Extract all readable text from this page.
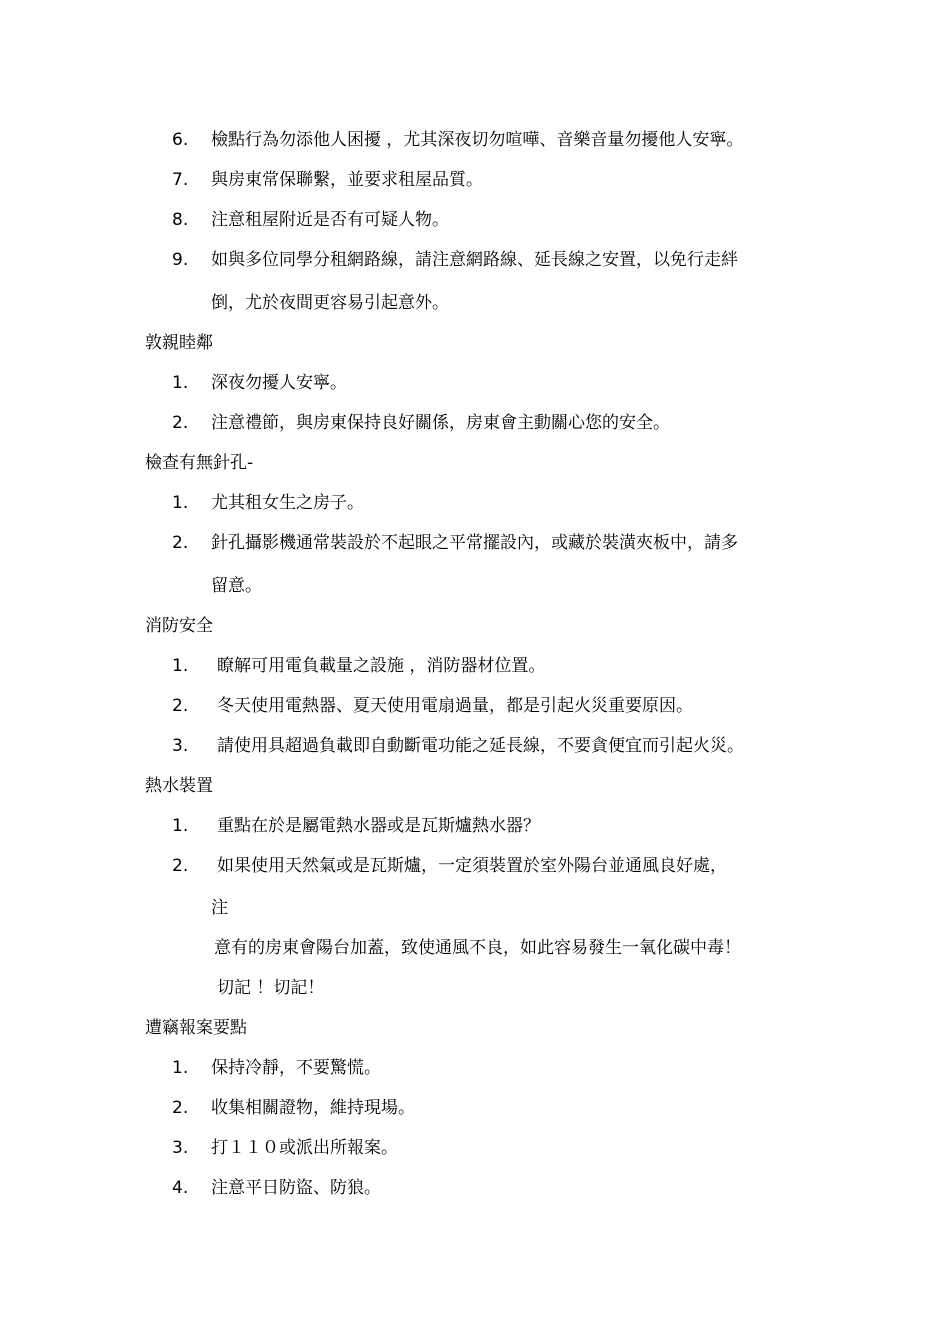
6.	檢點行為勿添他人困擾 ，尤其深夜切勿喧嘩、音樂音量勿擾他人安寧。
7.	與房東常保聯繫，並要求租屋品質。
8.	注意租屋附近是否有可疑人物。
9.	如與多位同學分租網路線，請注意網路線、延長線之安置，以免行走絆
倒，尤於夜間更容易引起意外。
敦親睦鄰
1.	深夜勿擾人安寧。
2.	注意禮節，與房東保持良好關係，房東會主動關心您的安全。
檢查有無針孔-
1.	尤其租女生之房子。
2.	針孔攝影機通常裝設於不起眼之平常擺設內，或藏於裝潢夾板中，請多
留意。
消防安全
1.	瞭解可用電負載量之設施 ，消防器材位置。
2.	冬天使用電熱器、夏天使用電扇過量，都是引起火災重要原因。
3.	請使用具超過負載即自動斷電功能之延長線，不要貪便宜而引起火災。
熱水裝置
1.	重點在於是屬電熱水器或是瓦斯爐熱水器？
2.	如果使用天然氣或是瓦斯爐，一定須裝置於室外陽台並通風良好處，
注
意有的房東會陽台加蓋，致使通風不良，如此容易發生一氧化碳中毒！
切記 ！切記！
遭竊報案要點
1.	保持冷靜，不要驚慌。
2.	收集相關證物，維持現場。
3.	打１１０或派出所報案。
4.	注意平日防盜、防狼。
